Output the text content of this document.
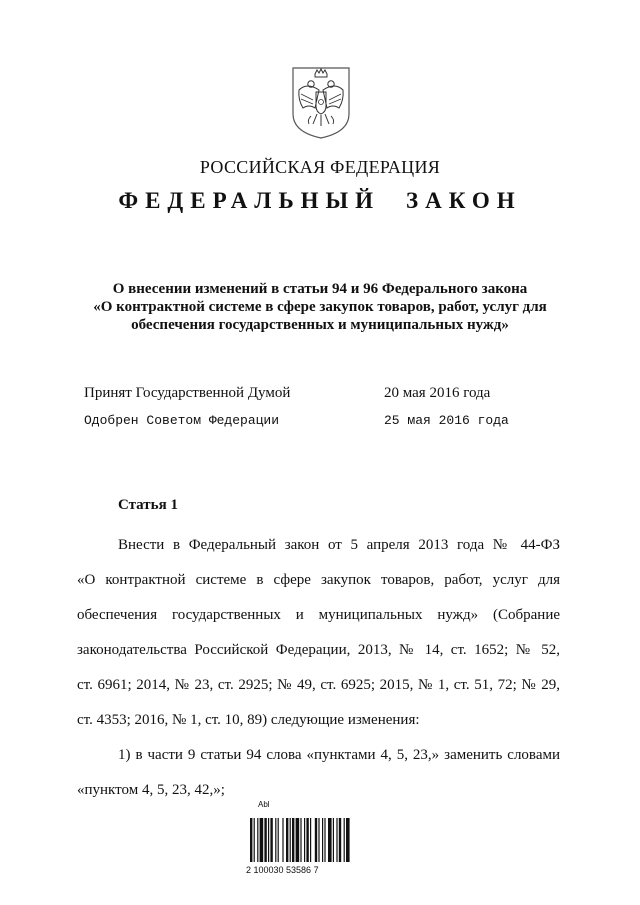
РОССИЙСКАЯ ФЕДЕРАЦИЯ
ФЕДЕРАЛЬНЫЙ ЗАКОН
О внесении изменений в статьи 94 и 96 Федерального закона
«О контрактной системе в сфере закупок товаров, работ, услуг для
обеспечения государственных и муниципальных нужд»
Принят Государственной Думой	20 мая 2016 года
Одобрен Советом Федерации	25 мая 2016 года
Статья 1
Внести в Федеральный закон от 5 апреля 2013 года № 44-ФЗ
«О контрактной системе в сфере закупок товаров, работ, услуг для
обеспечения государственных и муниципальных нужд» (Собрание
законодательства Российской Федерации, 2013, № 14, ст. 1652; № 52,
ст. 6961; 2014, № 23, ст. 2925; № 49, ст. 6925; 2015, № 1, ст. 51, 72; № 29,
ст. 4353; 2016, № 1, ст. 10, 89) следующие изменения:
1) в части 9 статьи 94 слова «пунктами 4, 5, 23,» заменить словами
«пунктом 4, 5, 23, 42,»;
Abl
2 100030 53586 7
